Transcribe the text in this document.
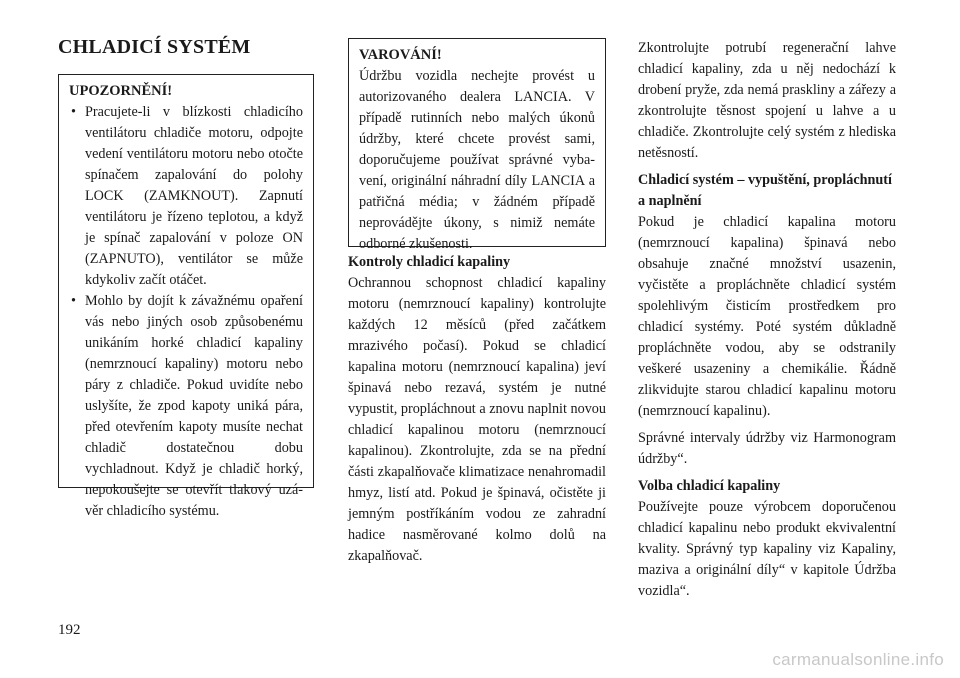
CHLADICÍ SYSTÉM
UPOZORNĚNÍ!
• Pracujete-li v blízkosti chladicího ventilátoru chladiče motoru, odpojte vedení ventilátoru motoru nebo otočte spínačem zapalování do polohy LOCK (ZAMKNOUT). Zapnutí ventilátoru je řízeno teplotou, a když je spínač zapalování v poloze ON (ZAPNUTO), ventilátor se může kdykoliv začít otáčet.
• Mohlo by dojít k závažnému opaření vás nebo jiných osob způsobenému unikáním horké chladicí kapaliny (nemrznoucí kapaliny) motoru nebo páry z chladiče. Pokud uvidíte nebo uslyšíte, že zpod kapoty uniká pára, před otevřením kapoty musíte nechat chladič dostatečnou dobu vychladnout. Když je chladič horký, nepokoušejte se otevřít tlakový uzávěr chladicího systému.
VAROVÁNÍ!
Údržbu vozidla nechejte provést u autorizovaného dealera LANCIA. V případě rutinních nebo malých úkonů údržby, které chcete provést sami, doporučujeme používat správné vybavení, originální náhradní díly LANCIA a patřičná média; v žádném případě neprovádějte úkony, s nimiž nemáte odborné zkušenosti.
Kontroly chladicí kapaliny

Ochrannou schopnost chladicí kapaliny motoru (nemrznoucí kapaliny) kontrolujte každých 12 měsíců (před začátkem mrazivého počasí). Pokud se chladicí kapalina motoru (nemrznoucí kapalina) jeví špinavá nebo rezavá, systém je nutné vypustit, propláchnout a znovu naplnit novou chladicí kapalinou motoru (nemrznoucí kapalinou). Zkontrolujte, zda se na přední části zkapalňovače klimatizace nenahromadil hmyz, listí atd. Pokud je špinavá, očistěte ji jemným postříkáním vodou ze zahradní hadice nasměrované kolmo dolů na zkapalňovač.

Zkontrolujte potrubí regenerační lahve chladicí kapaliny, zda u něj nedochází k drobení pryže, zda nemá praskliny a zářezy a zkontrolujte těsnost spojení u lahve a u chladiče. Zkontrolujte celý systém z hlediska netěsností.

Chladicí systém – vypuštění, propláchnutí a naplnění

Pokud je chladicí kapalina motoru (nemrznoucí kapalina) špinavá nebo obsahuje značné množství usazenin, vyčistěte a propláchněte chladicí systém spolehlivým čisticím prostředkem pro chladicí systémy. Poté systém důkladně propláchněte vodou, aby se odstranily veškeré usazeniny a chemikálie. Řádně zlikvidujte starou chladicí kapalinu motoru (nemrznoucí kapalinu).

Správné intervaly údržby viz Harmonogram údržby“.

Volba chladicí kapaliny

Používejte pouze výrobcem doporučenou chladicí kapalinu nebo produkt ekvivalentní kvality. Správný typ kapaliny viz Kapaliny, maziva a originální díly“ v kapitole Údržba vozidla“.

192
carmanualsonline.info
